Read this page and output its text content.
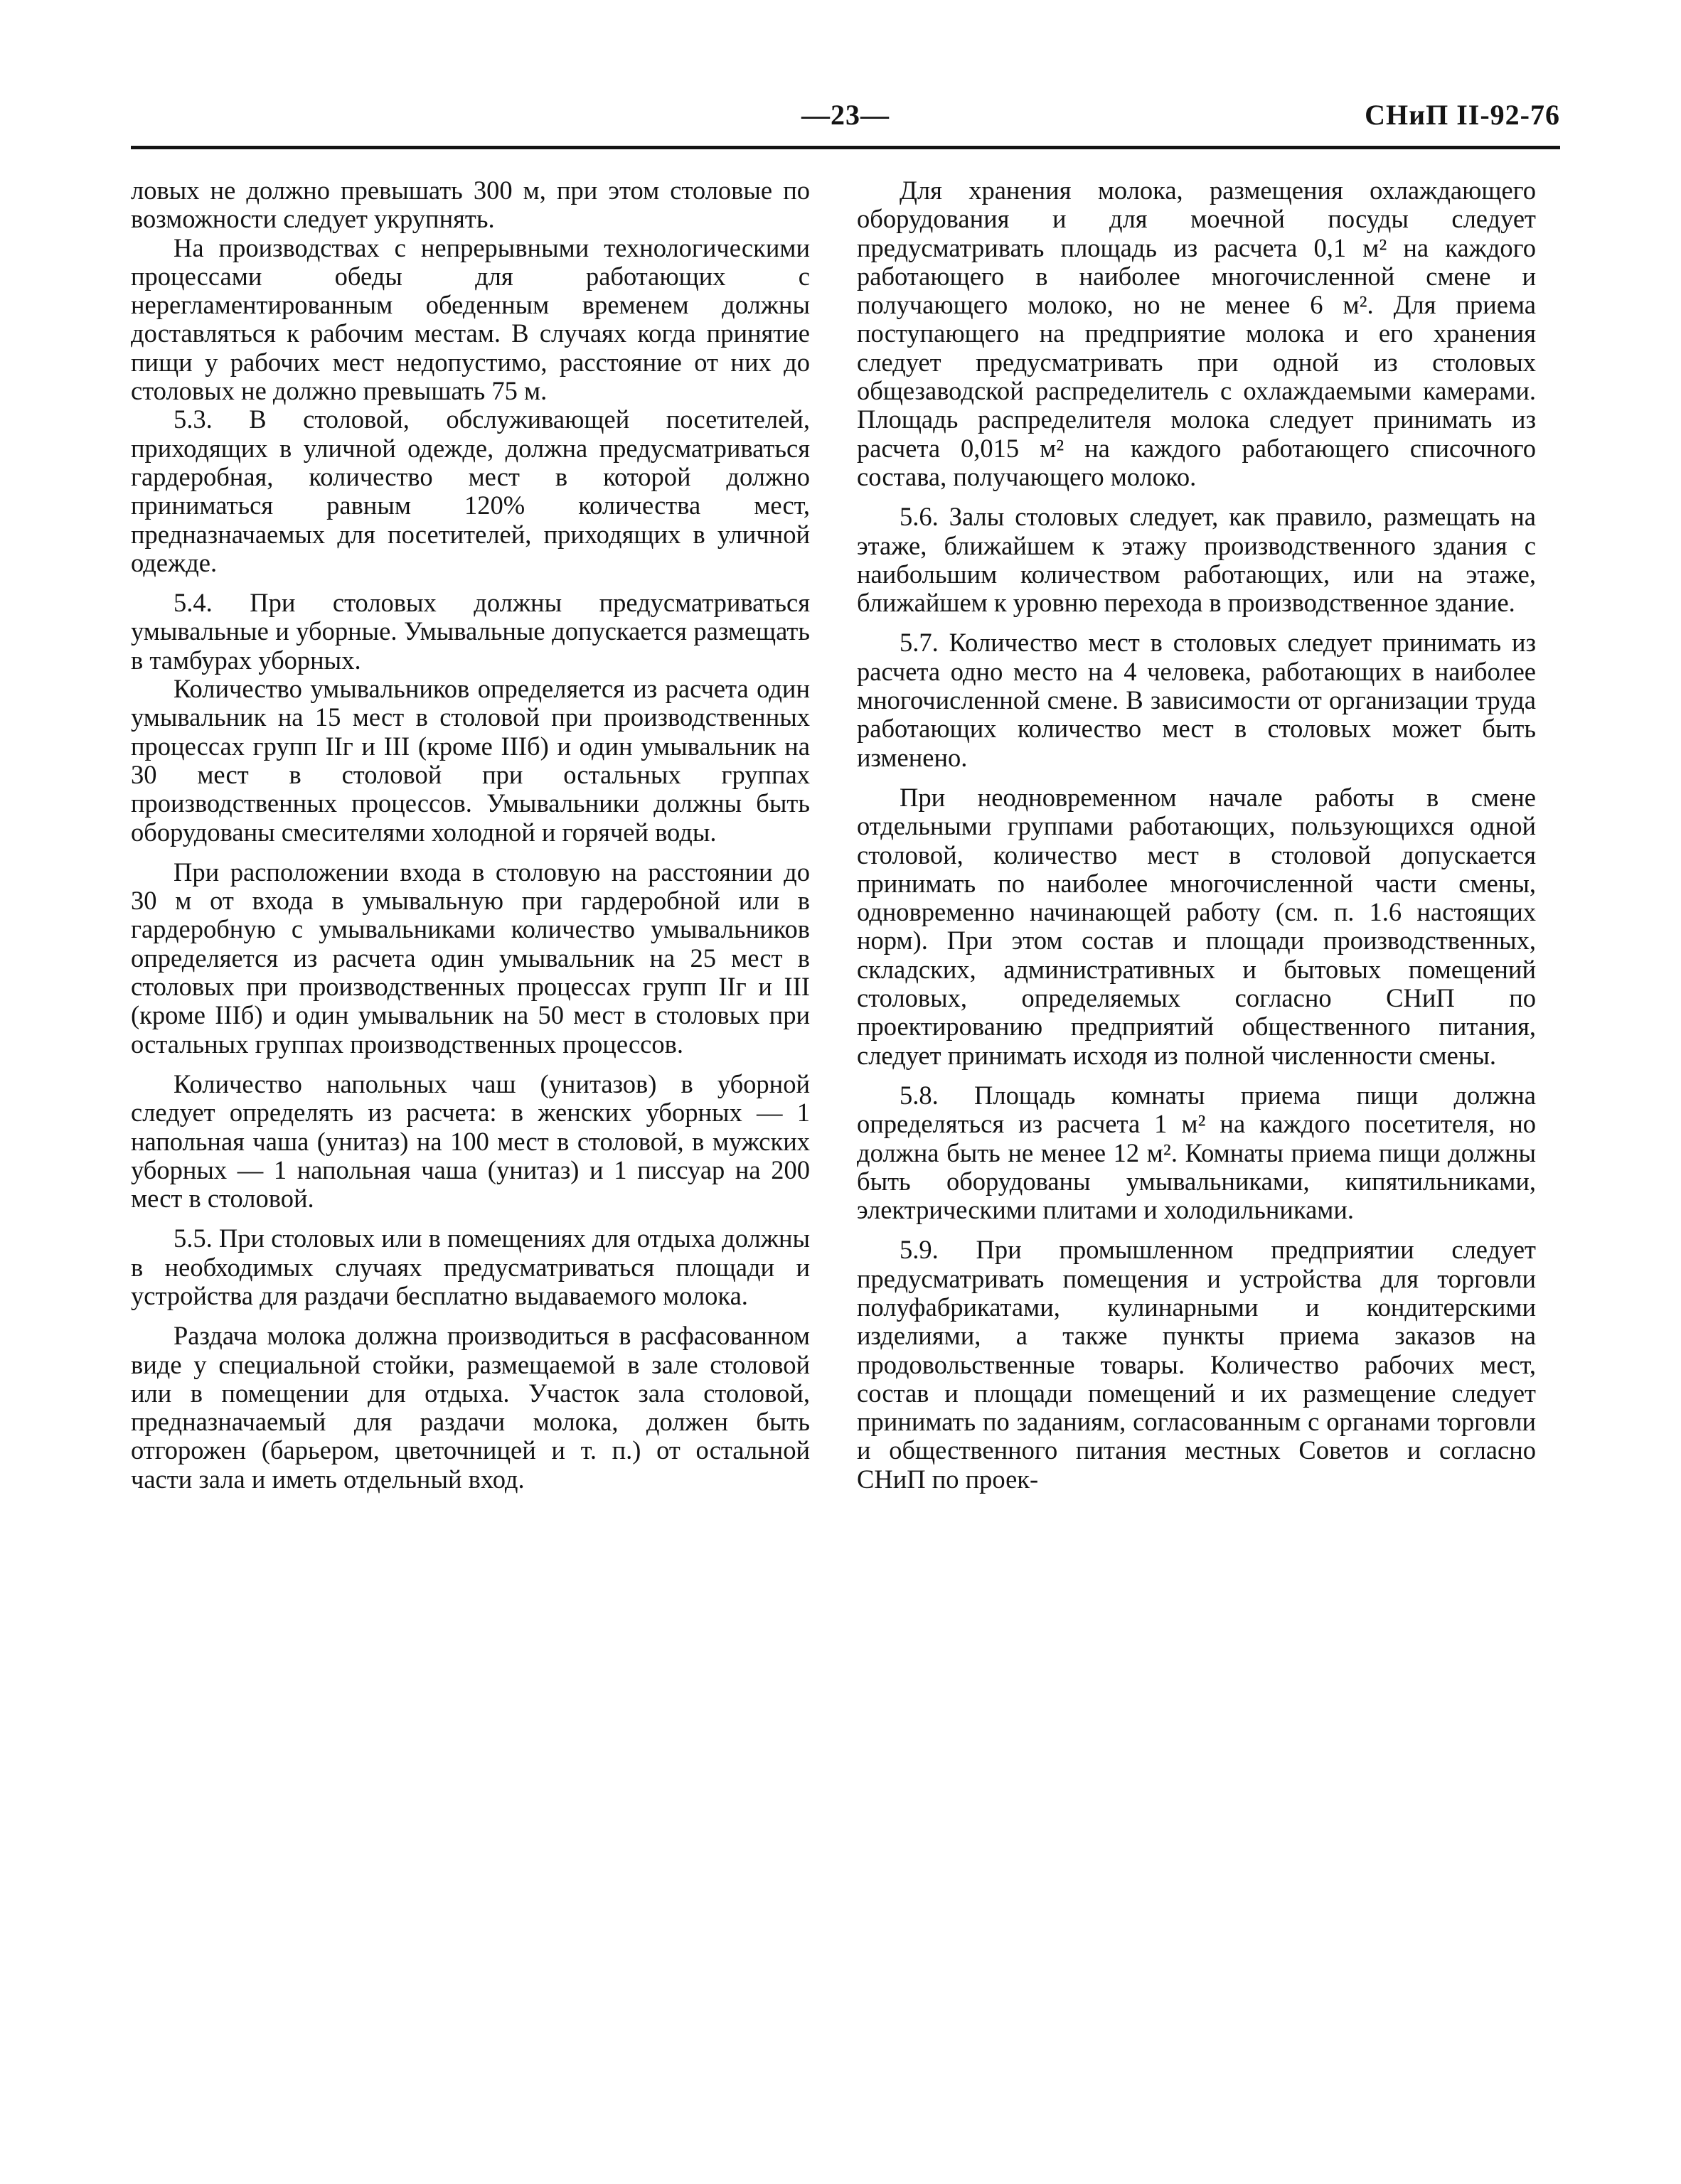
—23—	СНиП II-92-76

ловых не должно превышать 300 м, при этом столовые по возможности следует укрупнять.

На производствах с непрерывными технологическими процессами обеды для работающих с нерегламентированным обеденным временем должны доставляться к рабочим местам. В случаях когда принятие пищи у рабочих мест недопустимо, расстояние от них до столовых не должно превышать 75 м.

5.3. В столовой, обслуживающей посетителей, приходящих в уличной одежде, должна предусматриваться гардеробная, количество мест в которой должно приниматься равным 120% количества мест, предназначаемых для посетителей, приходящих в уличной одежде.

5.4. При столовых должны предусматриваться умывальные и уборные. Умывальные допускается размещать в тамбурах уборных.

Количество умывальников определяется из расчета один умывальник на 15 мест в столовой при производственных процессах групп IIг и III (кроме IIIб) и один умывальник на 30 мест в столовой при остальных группах производственных процессов. Умывальники должны быть оборудованы смесителями холодной и горячей воды.

При расположении входа в столовую на расстоянии до 30 м от входа в умывальную при гардеробной или в гардеробную с умывальниками количество умывальников определяется из расчета один умывальник на 25 мест в столовых при производственных процессах групп IIг и III (кроме IIIб) и один умывальник на 50 мест в столовых при остальных группах производственных процессов.

Количество напольных чаш (унитазов) в уборной следует определять из расчета: в женских уборных — 1 напольная чаша (унитаз) на 100 мест в столовой, в мужских уборных — 1 напольная чаша (унитаз) и 1 писсуар на 200 мест в столовой.

5.5. При столовых или в помещениях для отдыха должны в необходимых случаях предусматриваться площади и устройства для раздачи бесплатно выдаваемого молока.

Раздача молока должна производиться в расфасованном виде у специальной стойки, размещаемой в зале столовой или в помещении для отдыха. Участок зала столовой, предназначаемый для раздачи молока, должен быть отгорожен (барьером, цветочницей и т. п.) от остальной части зала и иметь отдельный вход.

Для хранения молока, размещения охлаждающего оборудования и для моечной посуды следует предусматривать площадь из расчета 0,1 м² на каждого работающего в наиболее многочисленной смене и получающего молоко, но не менее 6 м². Для приема поступающего на предприятие молока и его хранения следует предусматривать при одной из столовых общезаводской распределитель с охлаждаемыми камерами. Площадь распределителя молока следует принимать из расчета 0,015 м² на каждого работающего списочного состава, получающего молоко.

5.6. Залы столовых следует, как правило, размещать на этаже, ближайшем к этажу производственного здания с наибольшим количеством работающих, или на этаже, ближайшем к уровню перехода в производственное здание.

5.7. Количество мест в столовых следует принимать из расчета одно место на 4 человека, работающих в наиболее многочисленной смене. В зависимости от организации труда работающих количество мест в столовых может быть изменено.

При неодновременном начале работы в смене отдельными группами работающих, пользующихся одной столовой, количество мест в столовой допускается принимать по наиболее многочисленной части смены, одновременно начинающей работу (см. п. 1.6 настоящих норм). При этом состав и площади производственных, складских, административных и бытовых помещений столовых, определяемых согласно СНиП по проектированию предприятий общественного питания, следует принимать исходя из полной численности смены.

5.8. Площадь комнаты приема пищи должна определяться из расчета 1 м² на каждого посетителя, но должна быть не менее 12 м². Комнаты приема пищи должны быть оборудованы умывальниками, кипятильниками, электрическими плитами и холодильниками.

5.9. При промышленном предприятии следует предусматривать помещения и устройства для торговли полуфабрикатами, кулинарными и кондитерскими изделиями, а также пункты приема заказов на продовольственные товары. Количество рабочих мест, состав и площади помещений и их размещение следует принимать по заданиям, согласованным с органами торговли и общественного питания местных Советов и согласно СНиП по проек-
